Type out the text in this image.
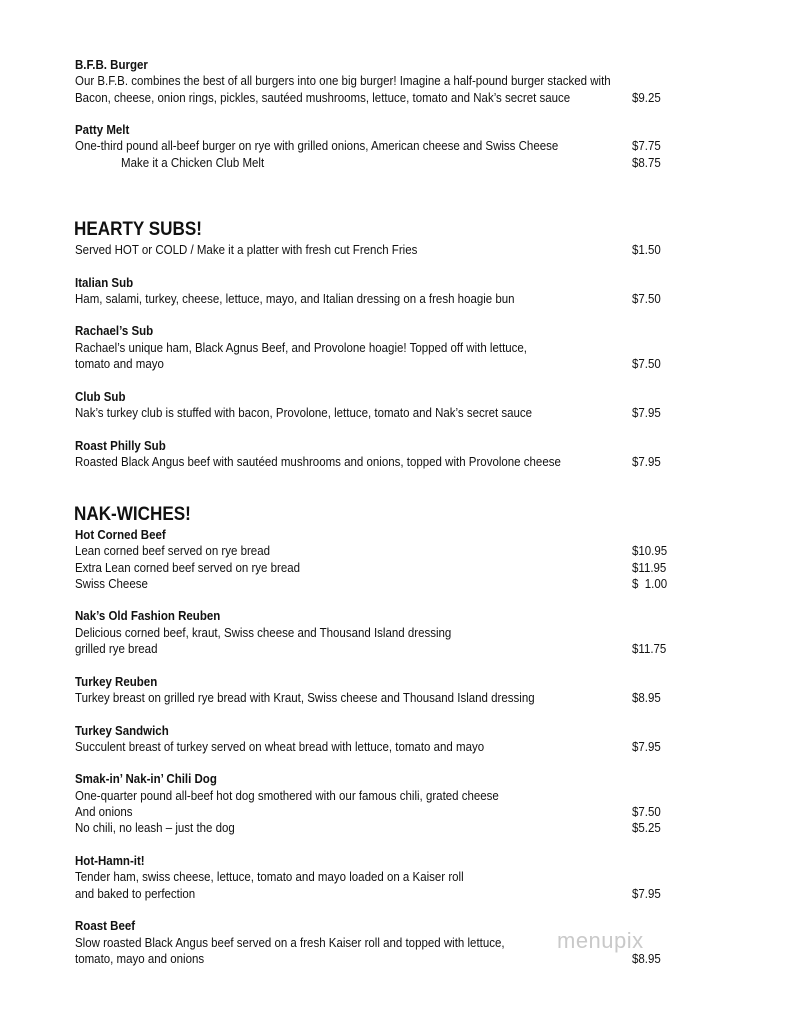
B.F.B. Burger
Our B.F.B. combines the best of all burgers into one big burger! Imagine a half-pound burger stacked with
Bacon, cheese, onion rings, pickles, sautéed mushrooms, lettuce, tomato and Nak’s secret sauce	$9.25
Patty Melt
One-third pound all-beef burger on rye with grilled onions, American cheese and Swiss Cheese	$7.75
Make it a Chicken Club Melt	$8.75
HEARTY SUBS!
Served HOT or COLD / Make it a platter with fresh cut French Fries	$1.50
Italian Sub
Ham, salami, turkey, cheese, lettuce, mayo, and Italian dressing on a fresh hoagie bun	$7.50
Rachael’s Sub
Rachael’s unique ham, Black Agnus Beef, and Provolone hoagie! Topped off with lettuce,
tomato and mayo	$7.50
Club Sub
Nak’s turkey club is stuffed with bacon, Provolone, lettuce, tomato and Nak’s secret sauce	$7.95
Roast Philly Sub
Roasted Black Angus beef with sautéed mushrooms and onions, topped with Provolone cheese	$7.95
NAK-WICHES!
Hot Corned Beef
Lean corned beef served on rye bread	$10.95
Extra Lean corned beef served on rye bread	$11.95
Swiss Cheese	$  1.00
Nak’s Old Fashion Reuben
Delicious corned beef, kraut, Swiss cheese and Thousand Island dressing
grilled rye bread	$11.75
Turkey Reuben
Turkey breast on grilled rye bread with Kraut, Swiss cheese and Thousand Island dressing	$8.95
Turkey Sandwich
Succulent breast of turkey served on wheat bread with lettuce, tomato and mayo	$7.95
Smak-in’ Nak-in’ Chili Dog
One-quarter pound all-beef hot dog smothered with our famous chili, grated cheese
And onions	$7.50
No chili, no leash – just the dog	$5.25
Hot-Hamn-it!
Tender ham, swiss cheese, lettuce, tomato and mayo loaded on a Kaiser roll
and baked to perfection	$7.95
Roast Beef
Slow roasted Black Angus beef served on a fresh Kaiser roll and topped with lettuce,
tomato, mayo and onions	$8.95
menupix
